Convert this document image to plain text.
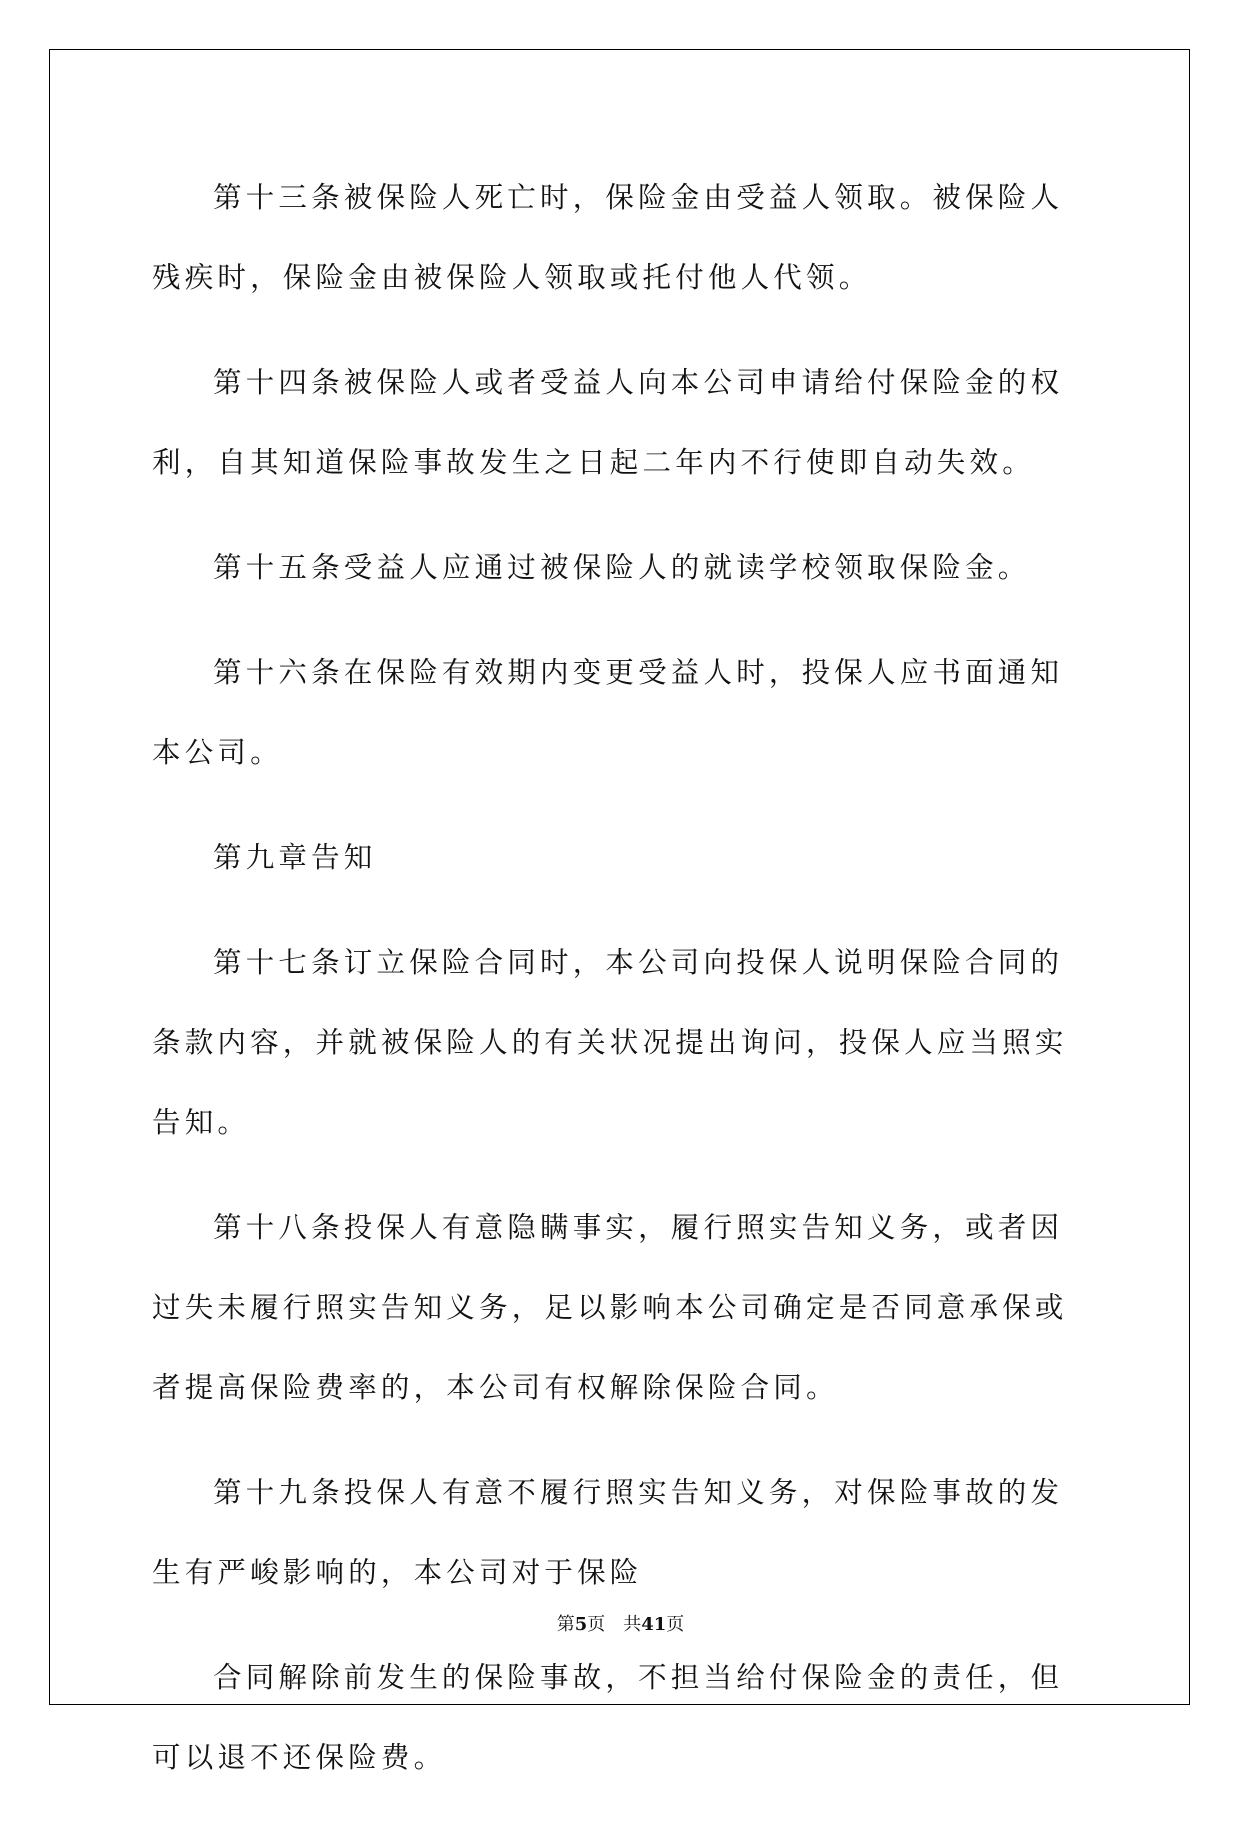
第十三条被保险人死亡时，保险金由受益人领取。被保险人残疾时，保险金由被保险人领取或托付他人代领。

第十四条被保险人或者受益人向本公司申请给付保险金的权利，自其知道保险事故发生之日起二年内不行使即自动失效。

第十五条受益人应通过被保险人的就读学校领取保险金。

第十六条在保险有效期内变更受益人时，投保人应书面通知本公司。

第九章告知

第十七条订立保险合同时，本公司向投保人说明保险合同的条款内容，并就被保险人的有关状况提出询问，投保人应当照实告知。

第十八条投保人有意隐瞒事实，履行照实告知义务，或者因过失未履行照实告知义务，足以影响本公司确定是否同意承保或者提高保险费率的，本公司有权解除保险合同。

第十九条投保人有意不履行照实告知义务，对保险事故的发生有严峻影响的，本公司对于保险

合同解除前发生的保险事故，不担当给付保险金的责任，但可以退不还保险费。

第5页 共41页
